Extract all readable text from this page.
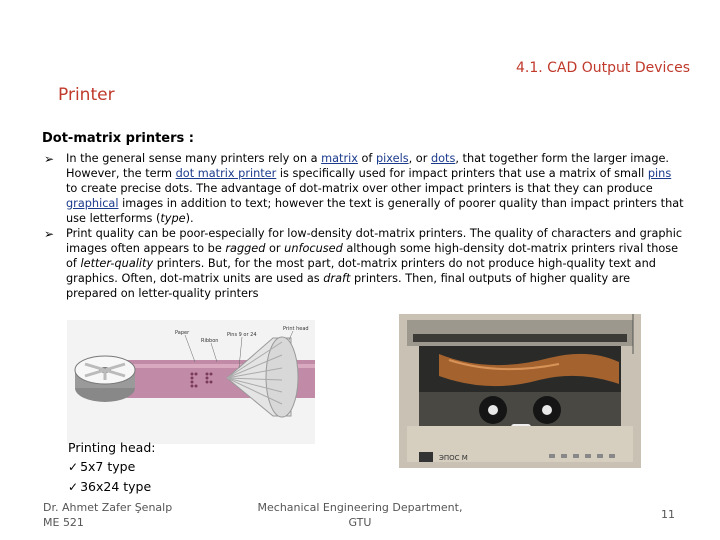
4.1. CAD Output Devices
Printer
Dot-matrix printers :
➢ In the general sense many printers rely on a matrix of pixels, or dots, that together form the larger image. However, the term dot matrix printer is specifically used for impact printers that use a matrix of small pins to create precise dots. The advantage of dot-matrix over other impact printers is that they can produce graphical images in addition to text; however the text is generally of poorer quality than impact printers that use letterforms (type).
➢ Print quality can be poor-especially for low-density dot-matrix printers. The quality of characters and graphic images often appears to be ragged or unfocused although some high-density dot-matrix printers rival those of letter-quality printers. But, for the most part, dot-matrix printers do not produce high-quality text and graphics. Often, dot-matrix units are used as draft printers. Then, final outputs of higher quality are prepared on letter-quality printers
Paper
Ribbon
Pins 9 or 24
Print head
ЭПОС М
Printing head:
✓ 5x7 type
✓ 36x24 type
Dr. Ahmet Zafer Şenalp
ME 521
Mechanical Engineering Department,
GTU
11
